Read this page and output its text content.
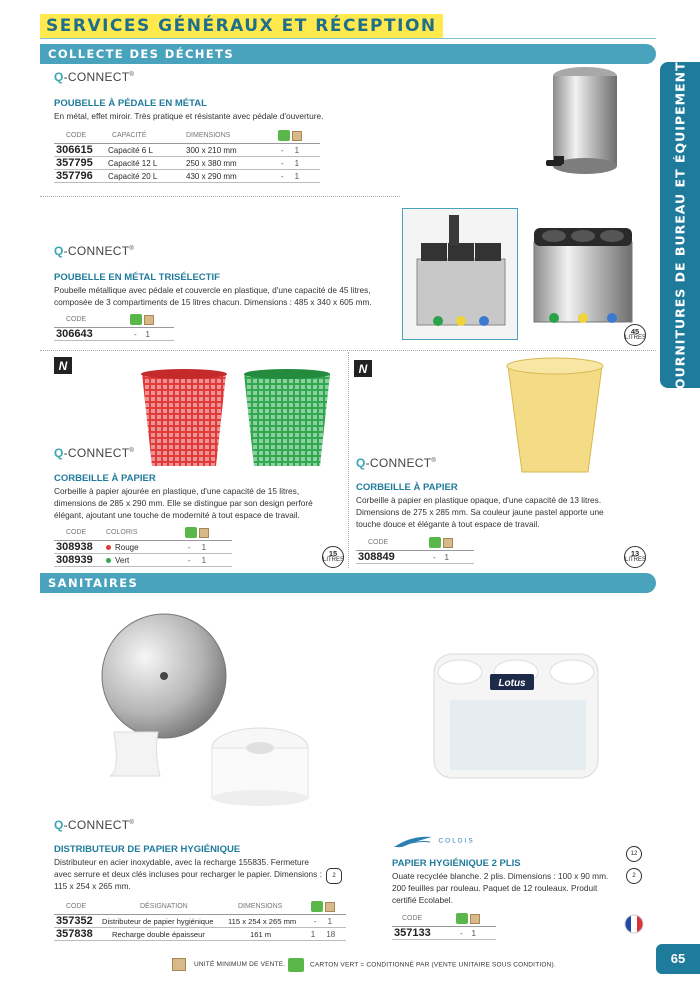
SERVICES GÉNÉRAUX ET RÉCEPTION
COLLECTE DES DÉCHETS	FOURNITURES DE BUREAU ET ÉQUIPEMENTS
Q-CONNECT®
POUBELLE À PÉDALE EN MÉTAL
En métal, effet miroir. Très pratique et résistante avec pédale d'ouverture.
CODE	CAPACITÉ	DIMENSIONS	
306615	Capacité 6 L	300 x 210 mm	- 1
357795	Capacité 12 L	250 x 380 mm	- 1
357796	Capacité 20 L	430 x 290 mm	- 1
Q-CONNECT®
POUBELLE EN MÉTAL TRISÉLECTIF
Poubelle métallique avec pédale et couvercle en plastique, d'une capacité de 45 litres, composée de 3 compartiments de 15 litres chacun. Dimensions : 485 x 340 x 605 mm.
CODE	
306643	- 1	45
LITRES
N
Q-CONNECT®
CORBEILLE À PAPIER
Corbeille à papier ajourée en plastique, d'une capacité de 15 litres, dimensions de 285 x 290 mm. Elle se distingue par son design perforé élégant, ajoutant une touche de modernité à tout espace de travail.
CODE	COLORIS	
308938	Rouge	- 1
308939	Vert	- 1
15
LITRES
N
Q-CONNECT®
CORBEILLE À PAPIER
Corbeille à papier en plastique opaque, d'une capacité de 13 litres. Dimensions de 275 x 285 mm. Sa couleur jaune pastel apporte une touche douce et élégante à tout espace de travail.
CODE	
308849	- 1	13
LITRES
SANITAIRES
Q-CONNECT®
DISTRIBUTEUR DE PAPIER HYGIÉNIQUE
Distributeur en acier inoxydable, avec la recharge 155835. Fermeture avec serrure et deux clés incluses pour recharger le papier. Dimensions : 115 x 254 x 265 mm.
2
CODE	DÉSIGNATION	DIMENSIONS	
357352	Distributeur de papier hygiénique	115 x 254 x 265 mm	- 1
357838	Recharge double épaisseur	161 m	1 18
Lotus
COLDIS
PAPIER HYGIÉNIQUE 2 PLIS
Ouate recyclée blanche. 2 plis. Dimensions : 100 x 90 mm. 200 feuilles par rouleau. Paquet de 12 rouleaux. Produit certifié Ecolabel.
12
2
CODE	
357133	- 1
UNITÉ MINIMUM DE VENTE.	CARTON VERT = CONDITIONNÉ PAR (VENTE UNITAIRE SOUS CONDITION).	65
